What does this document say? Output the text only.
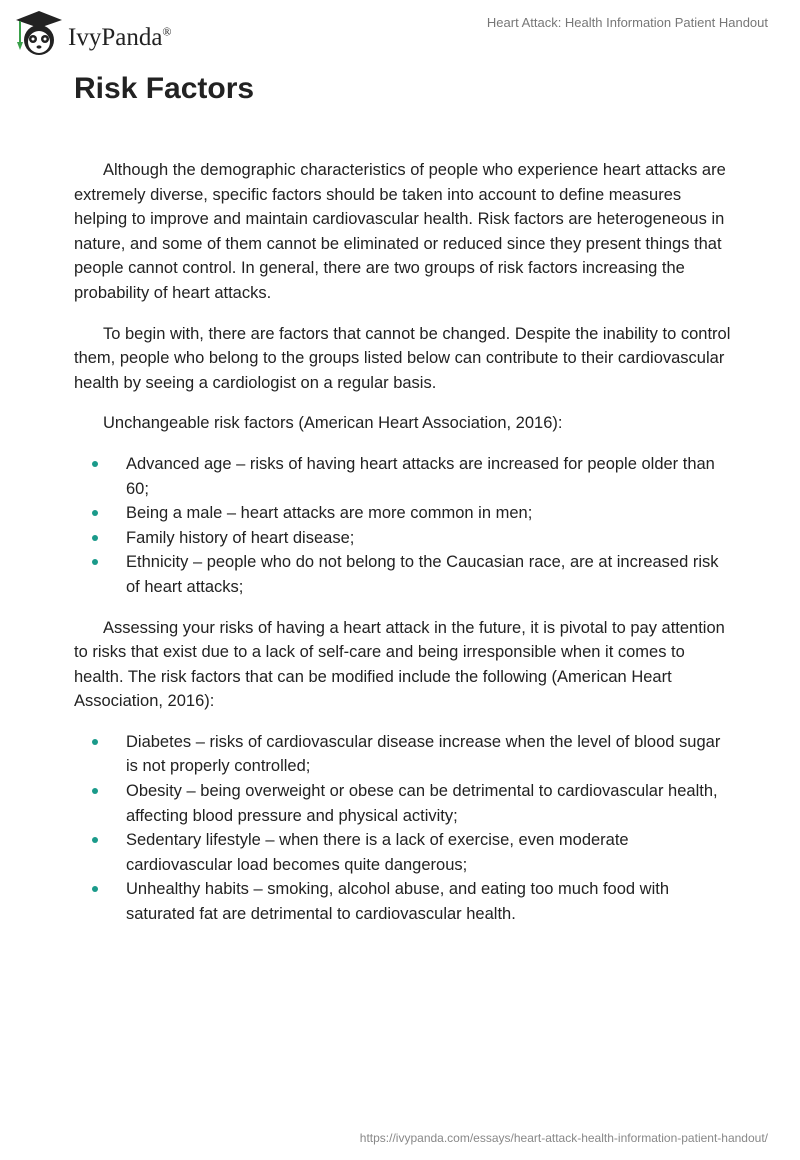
IvyPanda®
Heart Attack: Health Information Patient Handout
Risk Factors

Although the demographic characteristics of people who experience heart attacks are extremely diverse, specific factors should be taken into account to define measures helping to improve and maintain cardiovascular health. Risk factors are heterogeneous in nature, and some of them cannot be eliminated or reduced since they present things that people cannot control. In general, there are two groups of risk factors increasing the probability of heart attacks.

To begin with, there are factors that cannot be changed. Despite the inability to control them, people who belong to the groups listed below can contribute to their cardiovascular health by seeing a cardiologist on a regular basis.

Unchangeable risk factors (American Heart Association, 2016):

Advanced age – risks of having heart attacks are increased for people older than 60;
Being a male – heart attacks are more common in men;
Family history of heart disease;
Ethnicity – people who do not belong to the Caucasian race, are at increased risk of heart attacks;

Assessing your risks of having a heart attack in the future, it is pivotal to pay attention to risks that exist due to a lack of self-care and being irresponsible when it comes to health. The risk factors that can be modified include the following (American Heart Association, 2016):

Diabetes – risks of cardiovascular disease increase when the level of blood sugar is not properly controlled;
Obesity – being overweight or obese can be detrimental to cardiovascular health, affecting blood pressure and physical activity;
Sedentary lifestyle – when there is a lack of exercise, even moderate cardiovascular load becomes quite dangerous;
Unhealthy habits – smoking, alcohol abuse, and eating too much food with saturated fat are detrimental to cardiovascular health.
https://ivypanda.com/essays/heart-attack-health-information-patient-handout/
